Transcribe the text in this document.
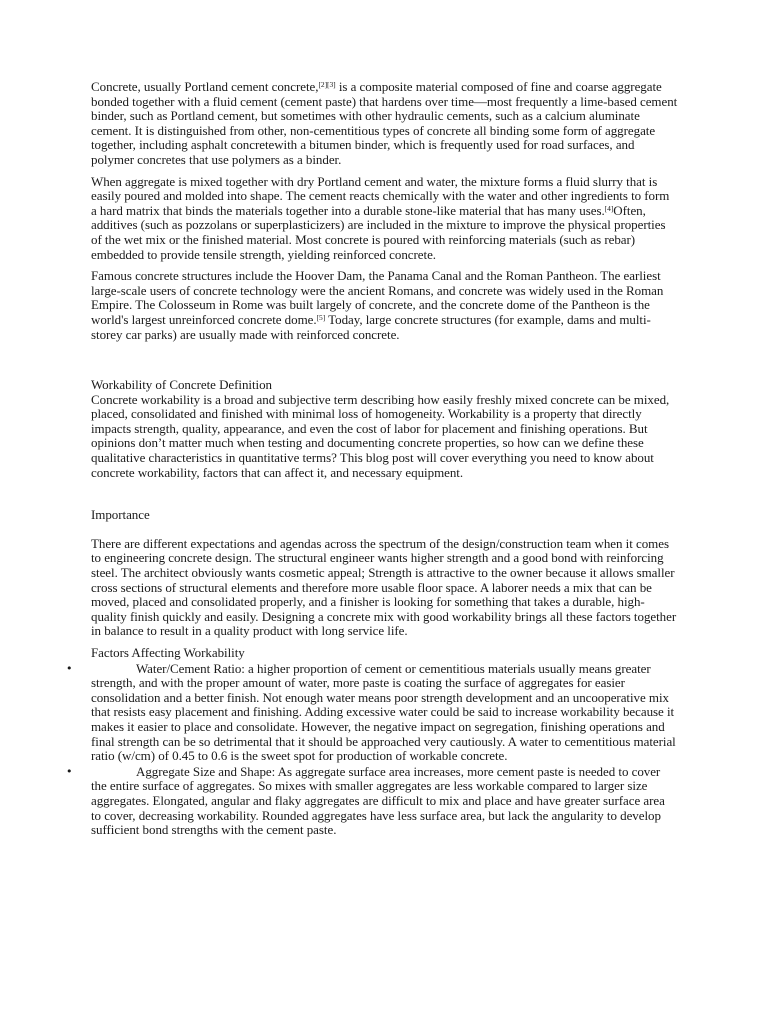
Concrete, usually Portland cement concrete,[2][3] is a composite material composed of fine and coarse aggregate bonded together with a fluid cement (cement paste) that hardens over time—most frequently a lime-based cement binder, such as Portland cement, but sometimes with other hydraulic cements, such as a calcium aluminate cement. It is distinguished from other, non-cementitious types of concrete all binding some form of aggregate together, including asphalt concretewith a bitumen binder, which is frequently used for road surfaces, and polymer concretes that use polymers as a binder.

When aggregate is mixed together with dry Portland cement and water, the mixture forms a fluid slurry that is easily poured and molded into shape. The cement reacts chemically with the water and other ingredients to form a hard matrix that binds the materials together into a durable stone-like material that has many uses.[4]Often, additives (such as pozzolans or superplasticizers) are included in the mixture to improve the physical properties of the wet mix or the finished material. Most concrete is poured with reinforcing materials (such as rebar) embedded to provide tensile strength, yielding reinforced concrete.

Famous concrete structures include the Hoover Dam, the Panama Canal and the Roman Pantheon. The earliest large-scale users of concrete technology were the ancient Romans, and concrete was widely used in the Roman Empire. The Colosseum in Rome was built largely of concrete, and the concrete dome of the Pantheon is the world's largest unreinforced concrete dome.[5] Today, large concrete structures (for example, dams and multi-storey car parks) are usually made with reinforced concrete.

Workability of Concrete Definition

Concrete workability is a broad and subjective term describing how easily freshly mixed concrete can be mixed, placed, consolidated and finished with minimal loss of homogeneity. Workability is a property that directly impacts strength, quality, appearance, and even the cost of labor for placement and finishing operations. But opinions don’t matter much when testing and documenting concrete properties, so how can we define these qualitative characteristics in quantitative terms? This blog post will cover everything you need to know about concrete workability, factors that can affect it, and necessary equipment.

Importance

There are different expectations and agendas across the spectrum of the design/construction team when it comes to engineering concrete design. The structural engineer wants higher strength and a good bond with reinforcing steel. The architect obviously wants cosmetic appeal; Strength is attractive to the owner because it allows smaller cross sections of structural elements and therefore more usable floor space. A laborer needs a mix that can be moved, placed and consolidated properly, and a finisher is looking for something that takes a durable, high-quality finish quickly and easily. Designing a concrete mix with good workability brings all these factors together in balance to result in a quality product with long service life.

Factors Affecting Workability

•	Water/Cement Ratio: a higher proportion of cement or cementitious materials usually means greater strength, and with the proper amount of water, more paste is coating the surface of aggregates for easier consolidation and a better finish. Not enough water means poor strength development and an uncooperative mix that resists easy placement and finishing. Adding excessive water could be said to increase workability because it makes it easier to place and consolidate. However, the negative impact on segregation, finishing operations and final strength can be so detrimental that it should be approached very cautiously. A water to cementitious material ratio (w/cm) of 0.45 to 0.6 is the sweet spot for production of workable concrete.
•	Aggregate Size and Shape: As aggregate surface area increases, more cement paste is needed to cover the entire surface of aggregates. So mixes with smaller aggregates are less workable compared to larger size aggregates. Elongated, angular and flaky aggregates are difficult to mix and place and have greater surface area to cover, decreasing workability. Rounded aggregates have less surface area, but lack the angularity to develop sufficient bond strengths with the cement paste.
